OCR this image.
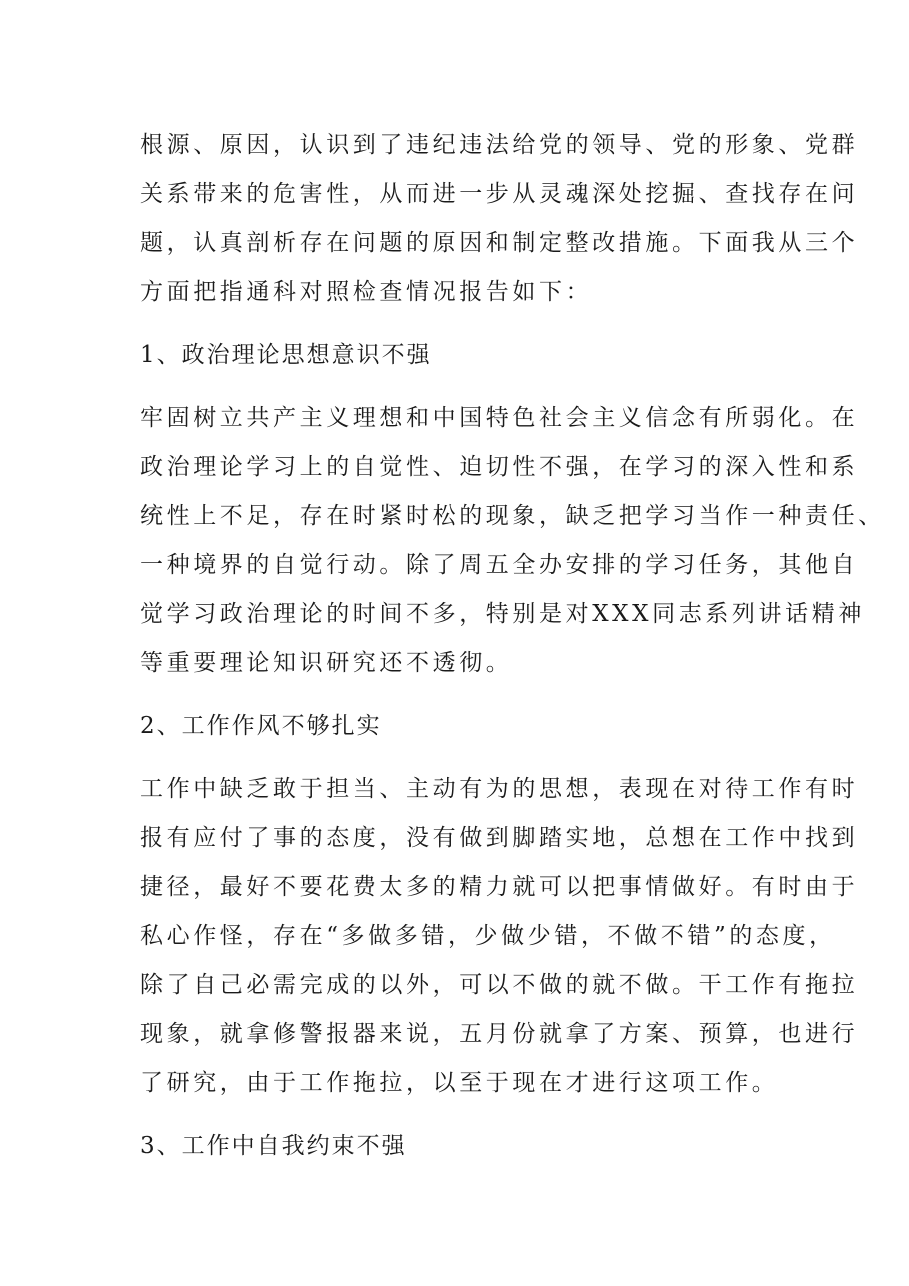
根源、原因，认识到了违纪违法给党的领导、党的形象、党群
关系带来的危害性，从而进一步从灵魂深处挖掘、查找存在问
题，认真剖析存在问题的原因和制定整改措施。下面我从三个
方面把指通科对照检查情况报告如下：
1、政治理论思想意识不强
牢固树立共产主义理想和中国特色社会主义信念有所弱化。在
政治理论学习上的自觉性、迫切性不强，在学习的深入性和系
统性上不足，存在时紧时松的现象，缺乏把学习当作一种责任、
一种境界的自觉行动。除了周五全办安排的学习任务，其他自
觉学习政治理论的时间不多，特别是对XXX同志系列讲话精神
等重要理论知识研究还不透彻。
2、工作作风不够扎实
工作中缺乏敢于担当、主动有为的思想，表现在对待工作有时
报有应付了事的态度，没有做到脚踏实地，总想在工作中找到
捷径，最好不要花费太多的精力就可以把事情做好。有时由于
私心作怪，存在“多做多错，少做少错，不做不错”的态度，
除了自己必需完成的以外，可以不做的就不做。干工作有拖拉
现象，就拿修警报器来说，五月份就拿了方案、预算，也进行
了研究，由于工作拖拉，以至于现在才进行这项工作。
3、工作中自我约束不强
